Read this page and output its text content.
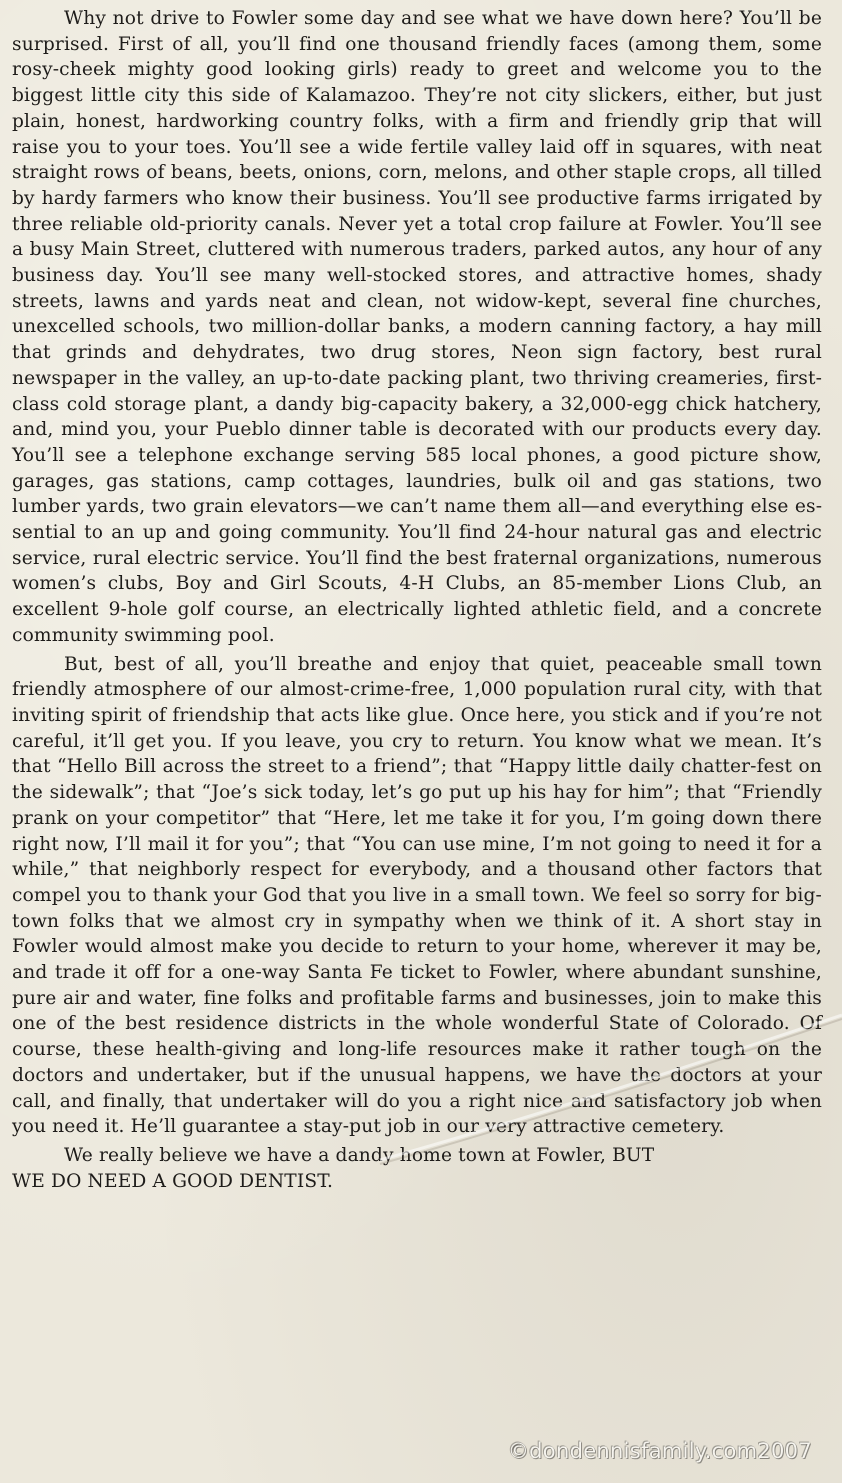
Why not drive to Fowler some day and see what we have down here? You’ll be surprised. First of all, you’ll find one thousand friendly faces (among them, some rosy-cheek mighty good looking girls) ready to greet and welcome you to the biggest little city this side of Kalamazoo. They’re not city slickers, either, but just plain, honest, hardworking country folks, with a firm and friendly grip that will raise you to your toes. You’ll see a wide fertile valley laid off in squares, with neat straight rows of beans, beets, onions, corn, melons, and other staple crops, all tilled by hardy farmers who know their business. You’ll see productive farms irrigated by three reliable old-priority canals. Never yet a total crop failure at Fowler. You’ll see a busy Main Street, cluttered with numerous traders, parked autos, any hour of any business day. You’ll see many well-stocked stores, and attractive homes, shady streets, lawns and yards neat and clean, not widow-kept, several fine churches, unexcelled schools, two million-dollar banks, a modern canning factory, a hay mill that grinds and dehydrates, two drug stores, Neon sign factory, best rural newspaper in the valley, an up-to-date packing plant, two thriving creameries, first-class cold storage plant, a dandy big-capacity bakery, a 32,000-egg chick hatchery, and, mind you, your Pueblo dinner table is decorated with our products every day. You’ll see a telephone exchange serving 585 local phones, a good picture show, garages, gas stations, camp cottages, laundries, bulk oil and gas stations, two lumber yards, two grain elevators—we can’t name them all—and everything else essential to an up and going community. You’ll find 24-hour natural gas and electric service, rural electric service. You’ll find the best fraternal organizations, numerous women’s clubs, Boy and Girl Scouts, 4-H Clubs, an 85-member Lions Club, an excellent 9-hole golf course, an electrically lighted athletic field, and a concrete community swimming pool.

But, best of all, you’ll breathe and enjoy that quiet, peaceable small town friendly atmosphere of our almost-crime-free, 1,000 population rural city, with that inviting spirit of friendship that acts like glue. Once here, you stick and if you’re not careful, it’ll get you. If you leave, you cry to return. You know what we mean. It’s that “Hello Bill across the street to a friend”; that “Happy little daily chatter-fest on the sidewalk”; that “Joe’s sick today, let’s go put up his hay for him”; that “Friendly prank on your competitor” that “Here, let me take it for you, I’m going down there right now, I’ll mail it for you”; that “You can use mine, I’m not going to need it for a while,” that neighborly respect for everybody, and a thousand other factors that compel you to thank your God that you live in a small town. We feel so sorry for big-town folks that we almost cry in sympathy when we think of it. A short stay in Fowler would almost make you decide to return to your home, wherever it may be, and trade it off for a one-way Santa Fe ticket to Fowler, where abundant sunshine, pure air and water, fine folks and profitable farms and businesses, join to make this one of the best residence districts in the whole wonderful State of Colorado. Of course, these health-giving and long-life resources make it rather tough on the doctors and undertaker, but if the unusual happens, we have the doctors at your call, and finally, that undertaker will do you a right nice and satisfactory job when you need it. He’ll guarantee a stay-put job in our very attractive cemetery.

We really believe we have a dandy home town at Fowler, BUT
WE DO NEED A GOOD DENTIST.

©dondennisfamily.com2007
